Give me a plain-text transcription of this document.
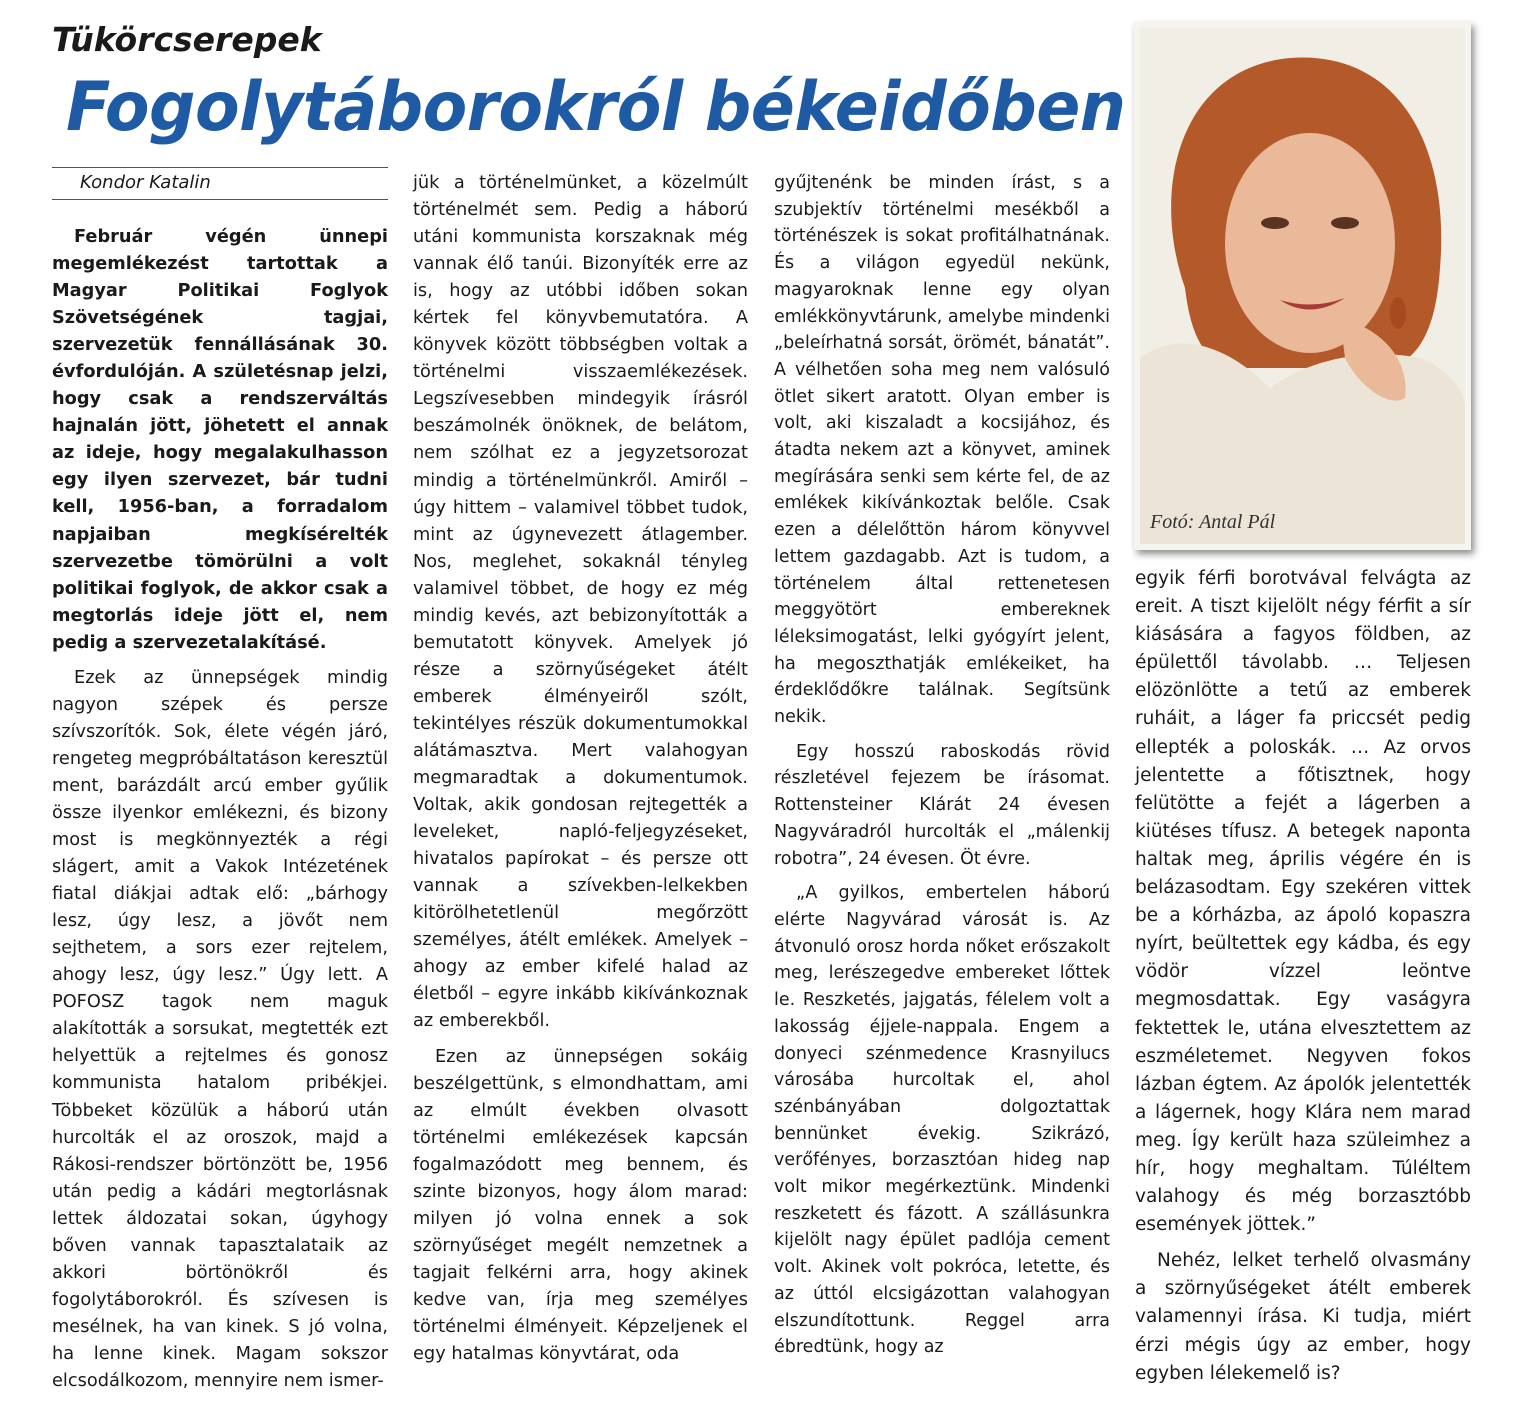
Tükörcserepek
Fogolytáborokról békeidőben
Kondor Katalin

Február végén ünnepi megemlékezést tartottak a Magyar Politikai Foglyok Szövetségének tagjai, szervezetük fennállásának 30. évfordulóján. A születésnap jelzi, hogy csak a rendszerváltás hajnalán jött, jöhetett el annak az ideje, hogy megalakulhasson egy ilyen szervezet, bár tudni kell, 1956-ban, a forradalom napjaiban megkísérelték szervezetbe tömörülni a volt politikai foglyok, de akkor csak a megtorlás ideje jött el, nem pedig a szervezetalakításé.

Ezek az ünnepségek mindig nagyon szépek és persze szívszorítók. Sok, élete végén járó, rengeteg megpróbáltatáson keresztül ment, barázdált arcú ember gyűlik össze ilyenkor emlékezni, és bizony most is megkönnyezték a régi slágert, amit a Vakok Intézetének fiatal diákjai adtak elő: „bárhogy lesz, úgy lesz, a jövőt nem sejthetem, a sors ezer rejtelem, ahogy lesz, úgy lesz.” Úgy lett. A POFOSZ tagok nem maguk alakították a sorsukat, megtették ezt helyettük a rejtelmes és gonosz kommunista hatalom pribékjei. Többeket közülük a háború után hurcolták el az oroszok, majd a Rákosi-rendszer börtönzött be, 1956 után pedig a kádári megtorlásnak lettek áldozatai sokan, úgyhogy bőven vannak tapasztalataik az akkori börtönökről és fogolytáborokról. És szívesen is mesélnek, ha van kinek. S jó volna, ha lenne kinek. Magam sokszor elcsodálkozom, mennyire nem ismer-

jük a történelmünket, a közelmúlt történelmét sem. Pedig a háború utáni kommunista korszaknak még vannak élő tanúi. Bizonyíték erre az is, hogy az utóbbi időben sokan kértek fel könyvbemutatóra. A könyvek között többségben voltak a történelmi visszaemlékezések. Legszívesebben mindegyik írásról beszámolnék önöknek, de belátom, nem szólhat ez a jegyzetsorozat mindig a történelmünkről. Amiről – úgy hittem – valamivel többet tudok, mint az úgynevezett átlagember. Nos, meglehet, sokaknál tényleg valamivel többet, de hogy ez még mindig kevés, azt bebizonyították a bemutatott könyvek. Amelyek jó része a szörnyűségeket átélt emberek élményeiről szólt, tekintélyes részük dokumentumokkal alátámasztva. Mert valahogyan megmaradtak a dokumentumok. Voltak, akik gondosan rejtegették a leveleket, napló-feljegyzéseket, hivatalos papírokat – és persze ott vannak a szívekben-lelkekben kitörölhetetlenül megőrzött személyes, átélt emlékek. Amelyek – ahogy az ember kifelé halad az életből – egyre inkább kikívánkoznak az emberekből.

Ezen az ünnepségen sokáig beszélgettünk, s elmondhattam, ami az elmúlt években olvasott történelmi emlékezések kapcsán fogalmazódott meg bennem, és szinte bizonyos, hogy álom marad: milyen jó volna ennek a sok szörnyűséget megélt nemzetnek a tagjait felkérni arra, hogy akinek kedve van, írja meg személyes történelmi élményeit. Képzeljenek el egy hatalmas könyvtárat, oda

gyűjtenénk be minden írást, s a szubjektív történelmi mesékből a történészek is sokat profitálhatnának. És a világon egyedül nekünk, magyaroknak lenne egy olyan emlékkönyvtárunk, amelybe mindenki „beleírhatná sorsát, örömét, bánatát”. A vélhetően soha meg nem valósuló ötlet sikert aratott. Olyan ember is volt, aki kiszaladt a kocsijához, és átadta nekem azt a könyvet, aminek megírására senki sem kérte fel, de az emlékek kikívánkoztak belőle. Csak ezen a délelőttön három könyvvel lettem gazdagabb. Azt is tudom, a történelem által rettenetesen meggyötört embereknek léleksimogatást, lelki gyógyírt jelent, ha megoszthatják emlékeiket, ha érdeklődőkre találnak. Segítsünk nekik.

Egy hosszú raboskodás rövid részletével fejezem be írásomat. Rottensteiner Klárát 24 évesen Nagyváradról hurcolták el „málenkij robotra”, 24 évesen. Öt évre.

„A gyilkos, embertelen háború elérte Nagyvárad városát is. Az átvonuló orosz horda nőket erőszakolt meg, lerészegedve embereket lőttek le. Reszketés, jajgatás, félelem volt a lakosság éjjele-nappala. Engem a donyeci szénmedence Krasnyilucs városába hurcoltak el, ahol szénbányában dolgoztattak bennünket évekig. Szikrázó, verőfényes, borzasztóan hideg nap volt mikor megérkeztünk. Mindenki reszketett és fázott. A szállásunkra kijelölt nagy épület padlója cement volt. Akinek volt pokróca, letette, és az úttól elcsigázottan valahogyan elszundítottunk. Reggel arra ébredtünk, hogy az

egyik férfi borotvával felvágta az ereit. A tiszt kijelölt négy férfit a sír kiásására a fagyos földben, az épülettől távolabb. … Teljesen elözönlötte a tetű az emberek ruháit, a láger fa priccsét pedig ellepték a poloskák. … Az orvos jelentette a főtisztnek, hogy felütötte a fejét a lágerben a kiütéses tífusz. A betegek naponta haltak meg, április végére én is belázasodtam. Egy szekéren vittek be a kórházba, az ápoló kopaszra nyírt, beültettek egy kádba, és egy vödör vízzel leöntve megmosdattak. Egy vaságyra fektettek le, utána elvesztettem az eszméletemet. Negyven fokos lázban égtem. Az ápolók jelentették a lágernek, hogy Klára nem marad meg. Így került haza szüleimhez a hír, hogy meghaltam. Túléltem valahogy és még borzasztóbb események jöttek.”

Nehéz, lelket terhelő olvasmány a szörnyűségeket átélt emberek valamennyi írása. Ki tudja, miért érzi mégis úgy az ember, hogy egyben lélekemelő is?

Fotó: Antal Pál
